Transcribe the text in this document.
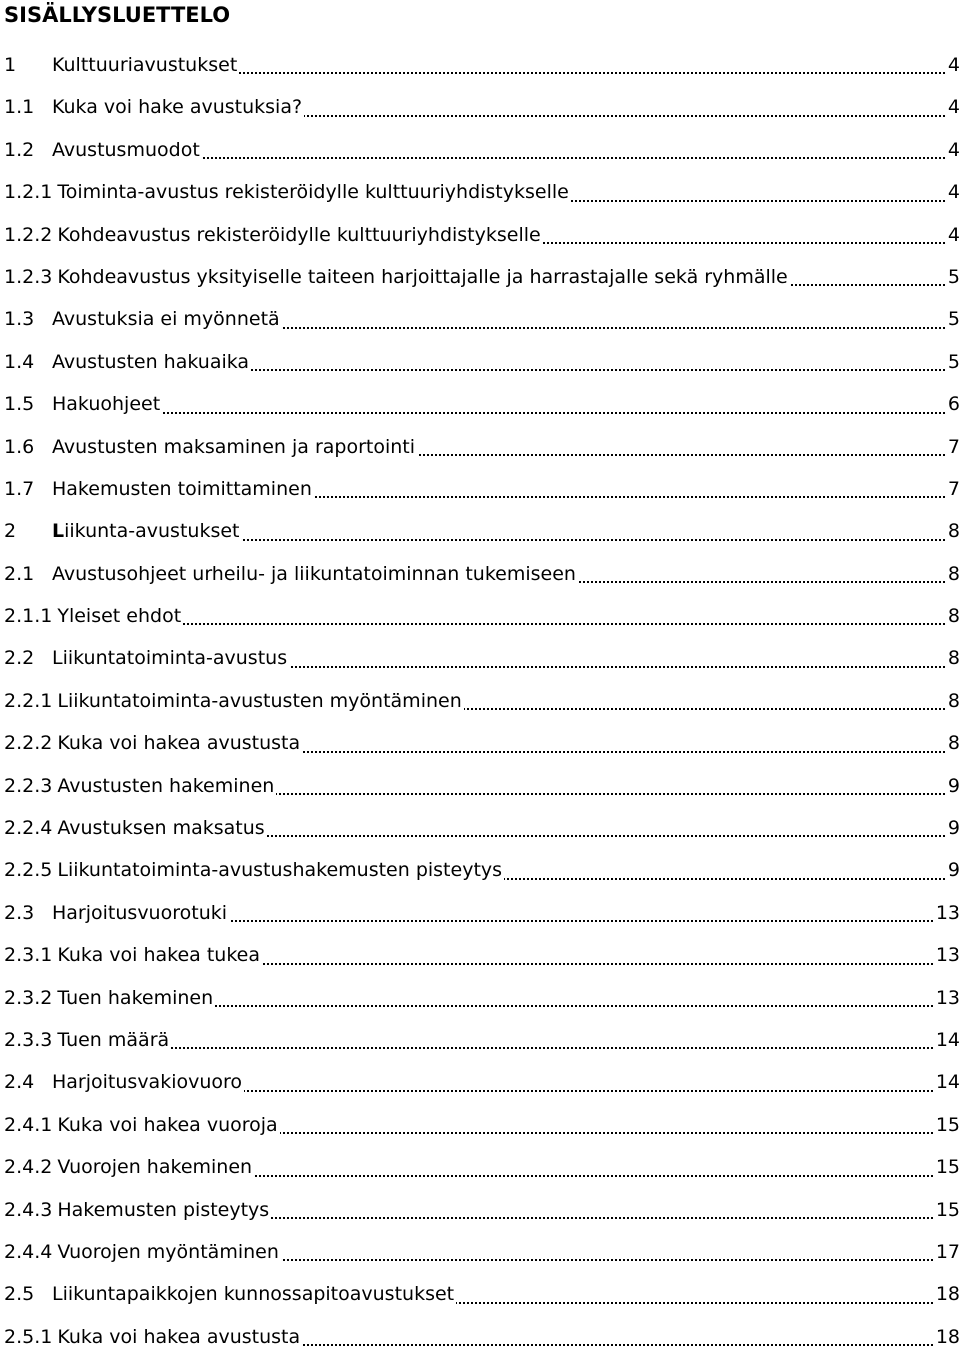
SISÄLLYSLUETTELO
1 Kulttuuriavustukset	4
1.1 Kuka voi hake avustuksia?	4
1.2 Avustusmuodot	4
1.2.1 Toiminta-avustus rekisteröidylle kulttuuriyhdistykselle	4
1.2.2 Kohdeavustus rekisteröidylle kulttuuriyhdistykselle	4
1.2.3 Kohdeavustus yksityiselle taiteen harjoittajalle ja harrastajalle sekä ryhmälle	5
1.3 Avustuksia ei myönnetä	5
1.4 Avustusten hakuaika	5
1.5 Hakuohjeet	6
1.6 Avustusten maksaminen ja raportointi	7
1.7 Hakemusten toimittaminen	7
2 Liikunta-avustukset	8
2.1 Avustusohjeet urheilu- ja liikuntatoiminnan tukemiseen	8
2.1.1 Yleiset ehdot	8
2.2 Liikuntatoiminta-avustus	8
2.2.1 Liikuntatoiminta-avustusten myöntäminen	8
2.2.2 Kuka voi hakea avustusta	8
2.2.3 Avustusten hakeminen	9
2.2.4 Avustuksen maksatus	9
2.2.5 Liikuntatoiminta-avustushakemusten pisteytys	9
2.3 Harjoitusvuorotuki	13
2.3.1 Kuka voi hakea tukea	13
2.3.2 Tuen hakeminen	13
2.3.3 Tuen määrä	14
2.4 Harjoitusvakiovuoro	14
2.4.1 Kuka voi hakea vuoroja	15
2.4.2 Vuorojen hakeminen	15
2.4.3 Hakemusten pisteytys	15
2.4.4 Vuorojen myöntäminen	17
2.5 Liikuntapaikkojen kunnossapitoavustukset	18
2.5.1 Kuka voi hakea avustusta	18
